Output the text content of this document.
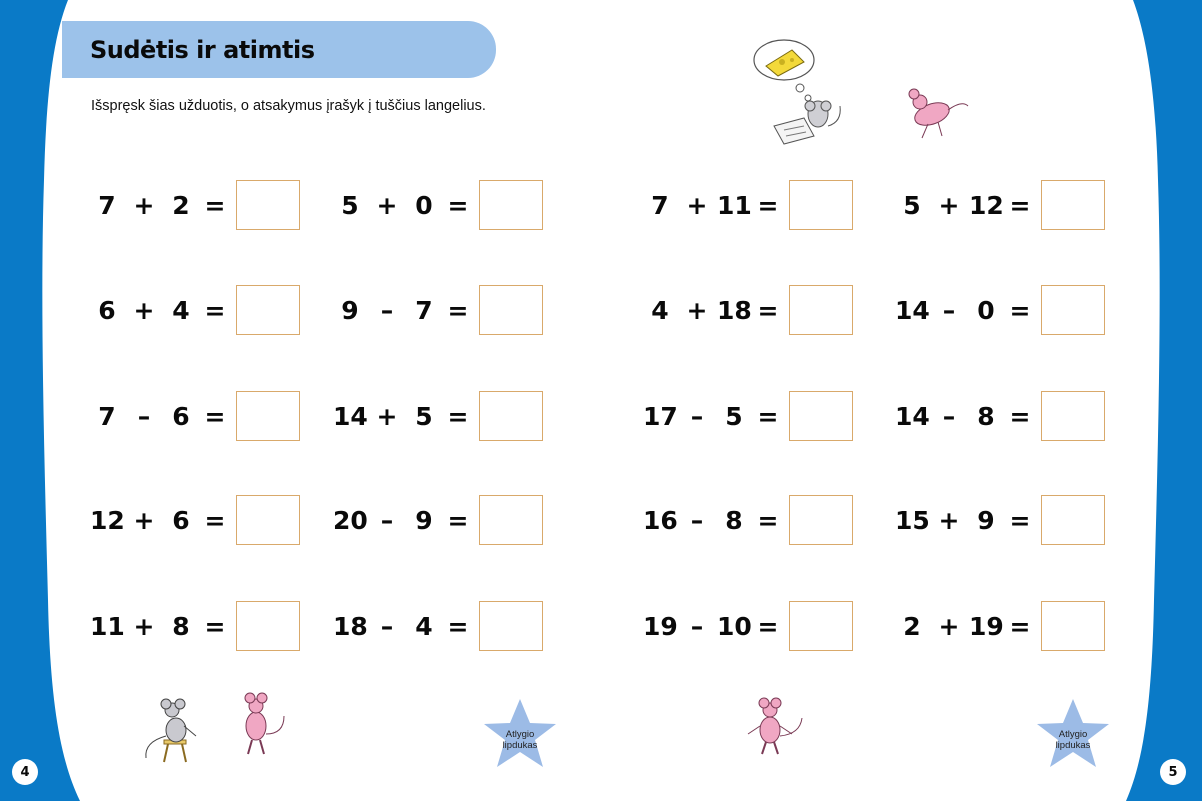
Sudėtis ir atimtis
Išspręsk šias užduotis, o atsakymus įrašyk į tuščius langelius.
7 + 2 =	5 + 0 =	7 + 11 =	5 + 12 =
6 + 4 =	9 – 7 =	4 + 18 =	14 – 0 =
7 – 6 =	14 + 5 =	17 – 5 =	14 – 8 =
12 + 6 =	20 – 9 =	16 – 8 =	15 + 9 =
11 + 8 =	18 – 4 =	19 – 10 =	2 + 19 =
Atlygio
lipdukas
Atlygio
lipdukas
4	5
